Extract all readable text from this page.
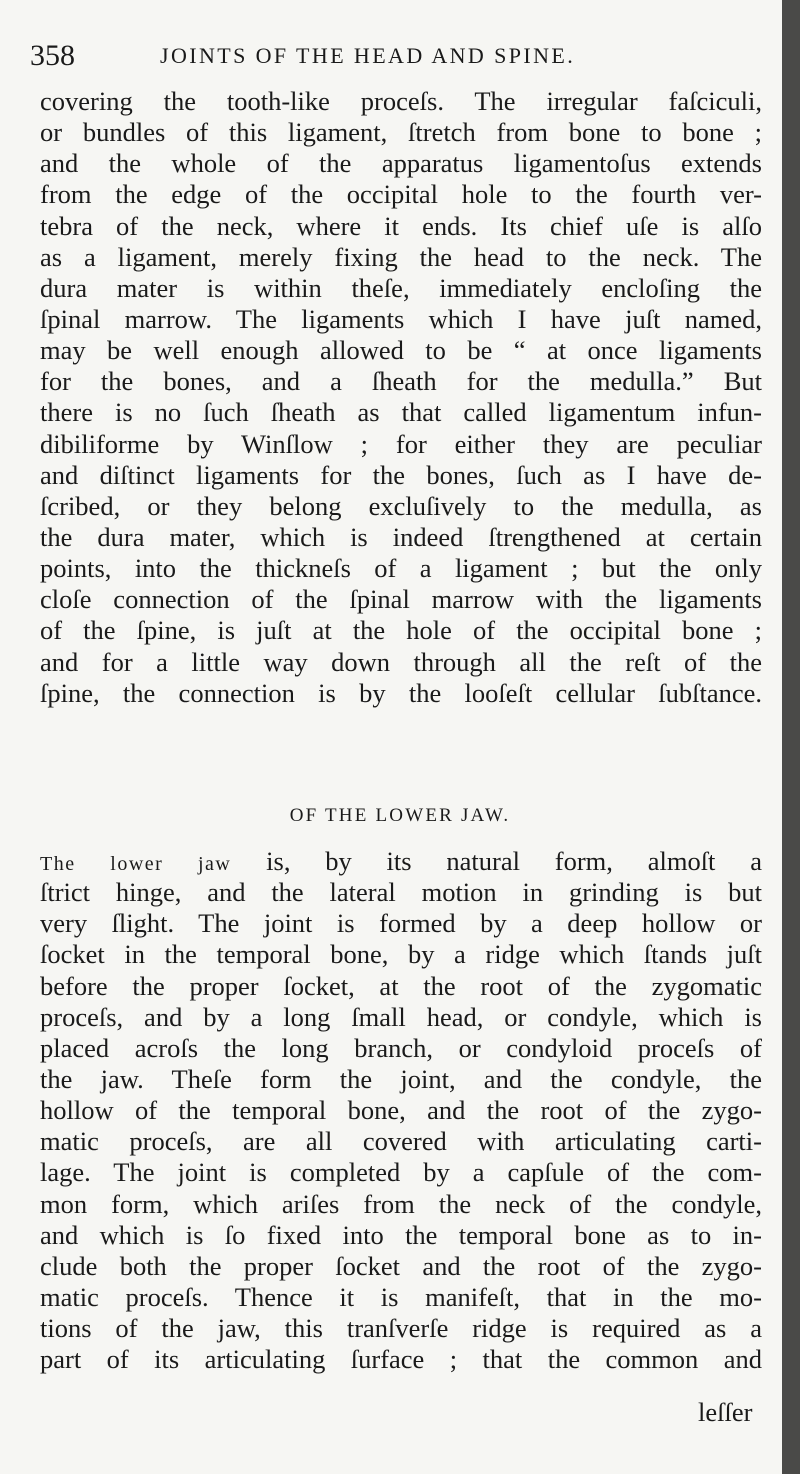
358	JOINTS OF THE HEAD AND SPINE.
covering the tooth-like proceſs. The irregular faſciculi,
or bundles of this ligament, ſtretch from bone to bone ;
and the whole of the apparatus ligamentoſus extends
from the edge of the occipital hole to the fourth ver-
tebra of the neck, where it ends. Its chief uſe is alſo
as a ligament, merely fixing the head to the neck. The
dura mater is within theſe, immediately encloſing the
ſpinal marrow. The ligaments which I have juſt named,
may be well enough allowed to be “ at once ligaments
for the bones, and a ſheath for the medulla.” But
there is no ſuch ſheath as that called ligamentum infun-
dibiliforme by Winſlow ; for either they are peculiar
and diſtinct ligaments for the bones, ſuch as I have de-
ſcribed, or they belong excluſively to the medulla, as
the dura mater, which is indeed ſtrengthened at certain
points, into the thickneſs of a ligament ; but the only
cloſe connection of the ſpinal marrow with the ligaments
of the ſpine, is juſt at the hole of the occipital bone ;
and for a little way down through all the reſt of the
ſpine, the connection is by the looſeſt cellular ſubſtance.
OF THE LOWER JAW.
The lower jaw is, by its natural form, almoſt a
ſtrict hinge, and the lateral motion in grinding is but
very ſlight. The joint is formed by a deep hollow or
ſocket in the temporal bone, by a ridge which ſtands juſt
before the proper ſocket, at the root of the zygomatic
proceſs, and by a long ſmall head, or condyle, which is
placed acroſs the long branch, or condyloid proceſs of
the jaw. Theſe form the joint, and the condyle, the
hollow of the temporal bone, and the root of the zygo-
matic proceſs, are all covered with articulating carti-
lage. The joint is completed by a capſule of the com-
mon form, which ariſes from the neck of the condyle,
and which is ſo fixed into the temporal bone as to in-
clude both the proper ſocket and the root of the zygo-
matic proceſs. Thence it is manifeſt, that in the mo-
tions of the jaw, this tranſverſe ridge is required as a
part of its articulating ſurface ; that the common and
leſſer
